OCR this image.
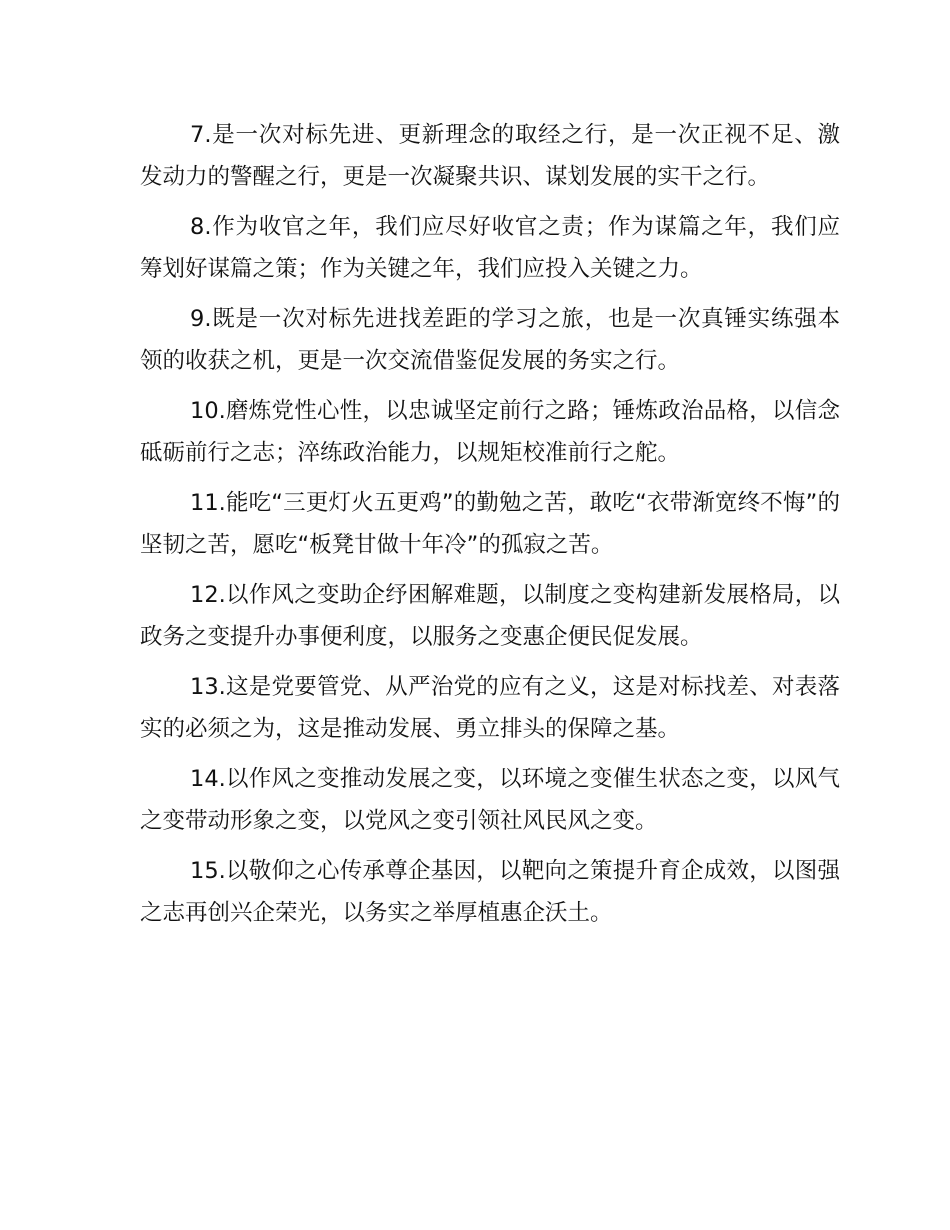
7.是一次对标先进、更新理念的取经之行，是一次正视不足、激发动力的警醒之行，更是一次凝聚共识、谋划发展的实干之行。

8.作为收官之年，我们应尽好收官之责；作为谋篇之年，我们应筹划好谋篇之策；作为关键之年，我们应投入关键之力。

9.既是一次对标先进找差距的学习之旅，也是一次真锤实练强本领的收获之机，更是一次交流借鉴促发展的务实之行。

10.磨炼党性心性，以忠诚坚定前行之路；锤炼政治品格，以信念砥砺前行之志；淬练政治能力，以规矩校准前行之舵。

11.能吃“三更灯火五更鸡”的勤勉之苦，敢吃“衣带渐宽终不悔”的坚韧之苦，愿吃“板凳甘做十年冷”的孤寂之苦。

12.以作风之变助企纾困解难题，以制度之变构建新发展格局，以政务之变提升办事便利度，以服务之变惠企便民促发展。

13.这是党要管党、从严治党的应有之义，这是对标找差、对表落实的必须之为，这是推动发展、勇立排头的保障之基。

14.以作风之变推动发展之变，以环境之变催生状态之变，以风气之变带动形象之变，以党风之变引领社风民风之变。

15.以敬仰之心传承尊企基因，以靶向之策提升育企成效，以图强之志再创兴企荣光，以务实之举厚植惠企沃土。
